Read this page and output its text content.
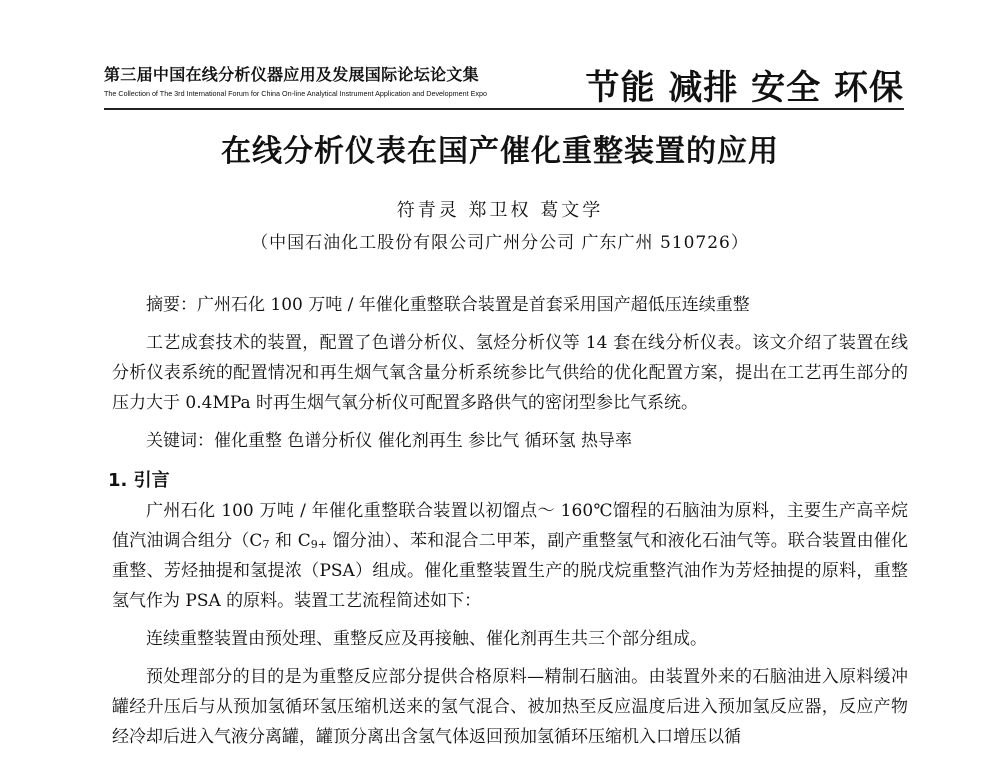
第三届中国在线分析仪器应用及发展国际论坛论文集
The Collection of The 3rd International Forum for China On-line Analytical Instrument Application and Development Expo	节能 减排 安全 环保
在线分析仪表在国产催化重整装置的应用
符青灵 郑卫权 葛文学
（中国石油化工股份有限公司广州分公司 广东广州 510726）

摘要：广州石化 100 万吨 / 年催化重整联合装置是首套采用国产超低压连续重整

工艺成套技术的装置，配置了色谱分析仪、氢烃分析仪等 14 套在线分析仪表。该文介绍了装置在线分析仪表系统的配置情况和再生烟气氧含量分析系统参比气供给的优化配置方案，提出在工艺再生部分的压力大于 0.4MPa 时再生烟气氧分析仪可配置多路供气的密闭型参比气系统。

关键词：催化重整 色谱分析仪 催化剂再生 参比气 循环氢 热导率

1. 引言

广州石化 100 万吨 / 年催化重整联合装置以初馏点～ 160℃馏程的石脑油为原料，主要生产高辛烷值汽油调合组分（$C_7$ 和 $C_{9+}$ 馏分油）、苯和混合二甲苯，副产重整氢气和液化石油气等。联合装置由催化重整、芳烃抽提和氢提浓（PSA）组成。催化重整装置生产的脱戊烷重整汽油作为芳烃抽提的原料，重整氢气作为 PSA 的原料。装置工艺流程简述如下：

连续重整装置由预处理、重整反应及再接触、催化剂再生共三个部分组成。

预处理部分的目的是为重整反应部分提供合格原料—精制石脑油。由装置外来的石脑油进入原料缓冲罐经升压后与从预加氢循环氢压缩机送来的氢气混合、被加热至反应温度后进入预加氢反应器，反应产物经冷却后进入气液分离罐，罐顶分离出含氢气体返回预加氢循环压缩机入口增压以循
